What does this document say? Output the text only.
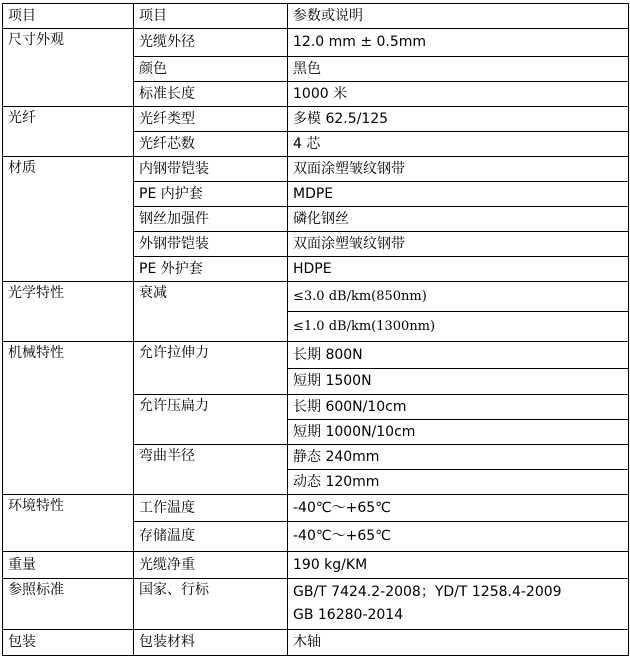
项目	项目	参数或说明
尺寸外观	光缆外径	12.0 mm ± 0.5mm
	颜色	黑色
	标准长度	1000 米
光纤	光纤类型	多模 62.5/125
	光纤芯数	4 芯
材质	内钢带铠装	双面涂塑皱纹钢带
	PE 内护套	MDPE
	钢丝加强件	磷化钢丝
	外钢带铠装	双面涂塑皱纹钢带
	PE 外护套	HDPE
光学特性	衰减	≤3.0 dB/km(850nm)
		≤1.0 dB/km(1300nm)
机械特性	允许拉伸力	长期 800N
		短期 1500N
	允许压扁力	长期 600N/10cm
		短期 1000N/10cm
	弯曲半径	静态 240mm
		动态 120mm
环境特性	工作温度	-40℃～+65℃
	存储温度	-40℃～+65℃
重量	光缆净重	190 kg/KM
参照标准	国家、行标	GB/T 7424.2-2008；YD/T 1258.4-2009
GB 16280-2014

包装	包装材料	木轴
